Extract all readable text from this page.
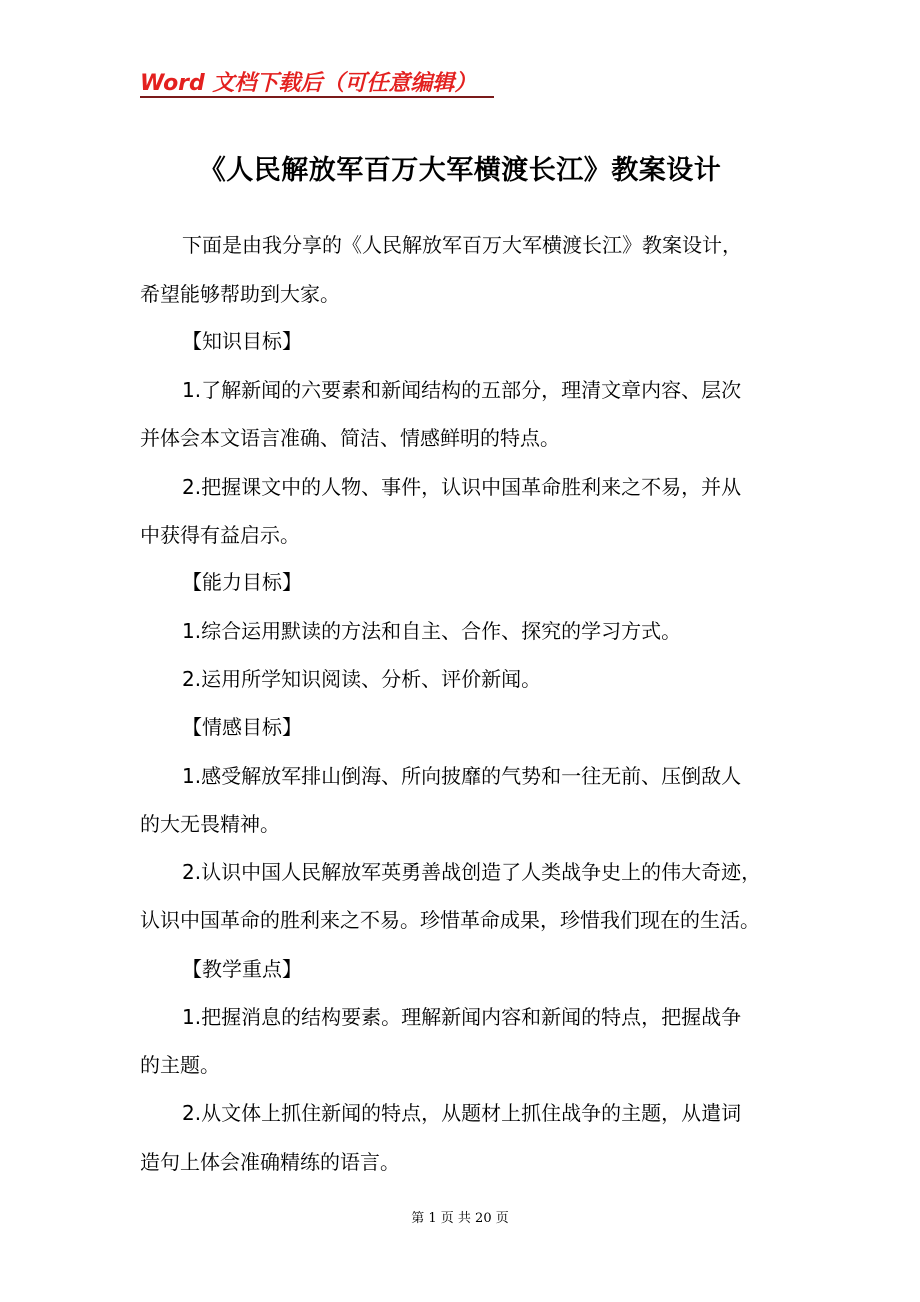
Word 文档下载后（可任意编辑）
《人民解放军百万大军横渡长江》教案设计
下面是由我分享的《人民解放军百万大军横渡长江》教案设计，
希望能够帮助到大家。
【知识目标】
1.了解新闻的六要素和新闻结构的五部分，理清文章内容、层次
并体会本文语言准确、简洁、情感鲜明的特点。
2.把握课文中的人物、事件，认识中国革命胜利来之不易，并从
中获得有益启示。
【能力目标】
1.综合运用默读的方法和自主、合作、探究的学习方式。
2.运用所学知识阅读、分析、评价新闻。
【情感目标】
1.感受解放军排山倒海、所向披靡的气势和一往无前、压倒敌人
的大无畏精神。
2.认识中国人民解放军英勇善战创造了人类战争史上的伟大奇迹，
认识中国革命的胜利来之不易。珍惜革命成果，珍惜我们现在的生活。
【教学重点】
1.把握消息的结构要素。理解新闻内容和新闻的特点，把握战争
的主题。
2.从文体上抓住新闻的特点，从题材上抓住战争的主题，从遣词
造句上体会准确精练的语言。
第 1 页 共 20 页
